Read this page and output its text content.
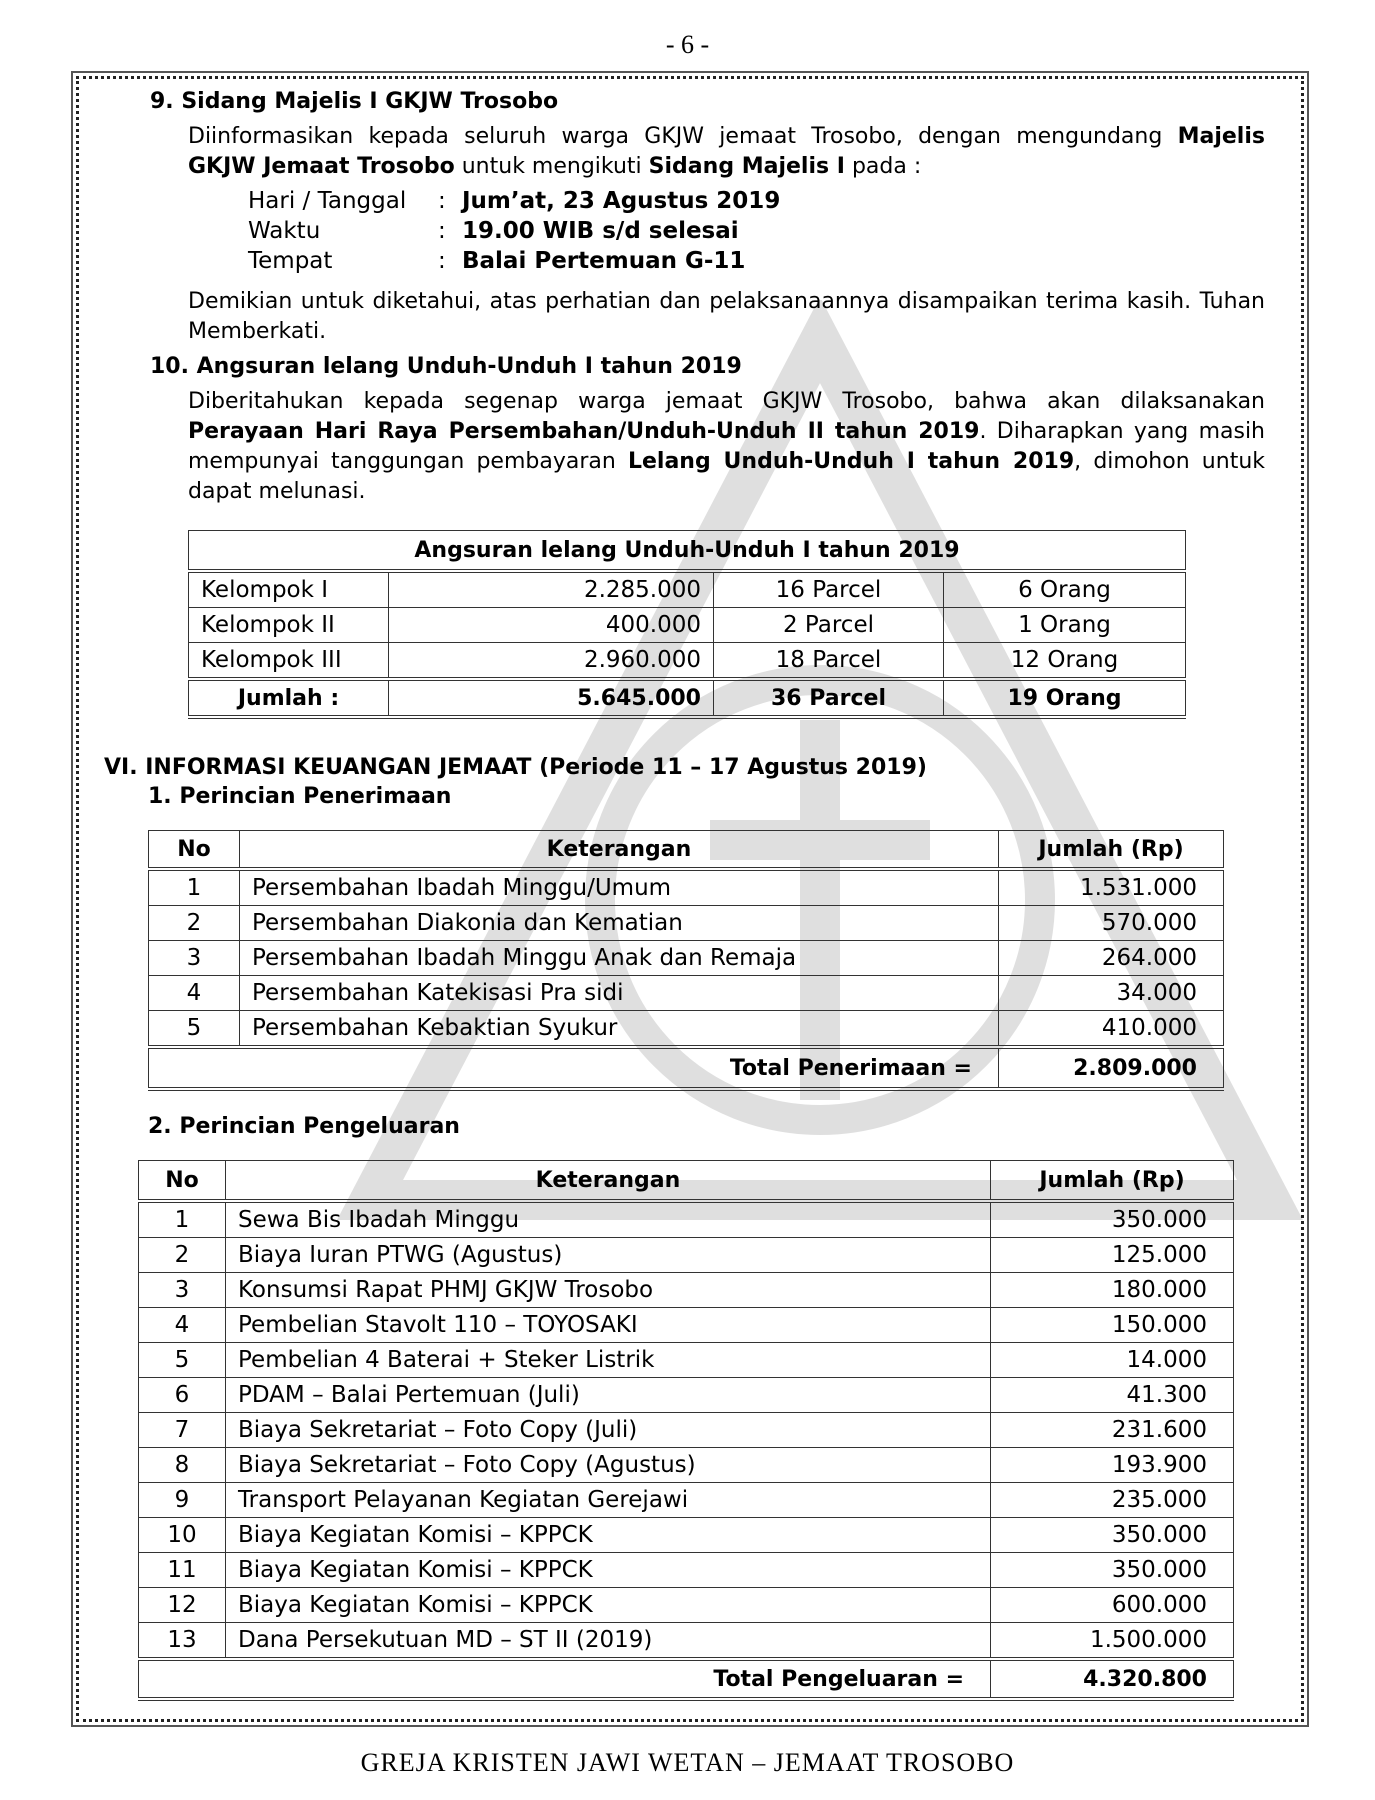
- 6 -
9. Sidang Majelis I GKJW Trosobo
Diinformasikan kepada seluruh warga GKJW jemaat Trosobo, dengan mengundang Majelis GKJW Jemaat Trosobo untuk mengikuti Sidang Majelis I pada :
Hari / Tanggal : Jum’at, 23 Agustus 2019
Waktu	: 19.00 WIB s/d selesai
Tempat	: Balai Pertemuan G-11
Demikian untuk diketahui, atas perhatian dan pelaksanaannya disampaikan terima kasih. Tuhan Memberkati.
10. Angsuran lelang Unduh-Unduh I tahun 2019
Diberitahukan kepada segenap warga jemaat GKJW Trosobo, bahwa akan dilaksanakan Perayaan Hari Raya Persembahan/Unduh-Unduh II tahun 2019. Diharapkan yang masih mempunyai tanggungan pembayaran Lelang Unduh-Unduh I tahun 2019, dimohon untuk dapat melunasi.
Angsuran lelang Unduh-Unduh I tahun 2019			
Kelompok I	2.285.000	16 Parcel	6 Orang
Kelompok II	400.000	2 Parcel	1 Orang
Kelompok III	2.960.000	18 Parcel	12 Orang
Jumlah :	5.645.000	36 Parcel	19 Orang
VI. INFORMASI KEUANGAN JEMAAT (Periode 11 – 17 Agustus 2019)
1. Perincian Penerimaan
No	Keterangan	Jumlah (Rp)
1	Persembahan Ibadah Minggu/Umum	1.531.000
2	Persembahan Diakonia dan Kematian	570.000
3	Persembahan Ibadah Minggu Anak dan Remaja	264.000
4	Persembahan Katekisasi Pra sidi	34.000
5	Persembahan Kebaktian Syukur	410.000
Total Penerimaan =		2.809.000
2. Perincian Pengeluaran
No	Keterangan	Jumlah (Rp)
1	Sewa Bis Ibadah Minggu	350.000
2	Biaya Iuran PTWG (Agustus)	125.000
3	Konsumsi Rapat PHMJ GKJW Trosobo	180.000
4	Pembelian Stavolt 110 – TOYOSAKI	150.000
5	Pembelian 4 Baterai + Steker Listrik	14.000
6	PDAM – Balai Pertemuan (Juli)	41.300
7	Biaya Sekretariat – Foto Copy (Juli)	231.600
8	Biaya Sekretariat – Foto Copy (Agustus)	193.900
9	Transport Pelayanan Kegiatan Gerejawi	235.000
10	Biaya Kegiatan Komisi – KPPCK	350.000
11	Biaya Kegiatan Komisi – KPPCK	350.000
12	Biaya Kegiatan Komisi – KPPCK	600.000
13	Dana Persekutuan MD – ST II (2019)	1.500.000
Total Pengeluaran =		4.320.800
GREJA KRISTEN JAWI WETAN – JEMAAT TROSOBO
